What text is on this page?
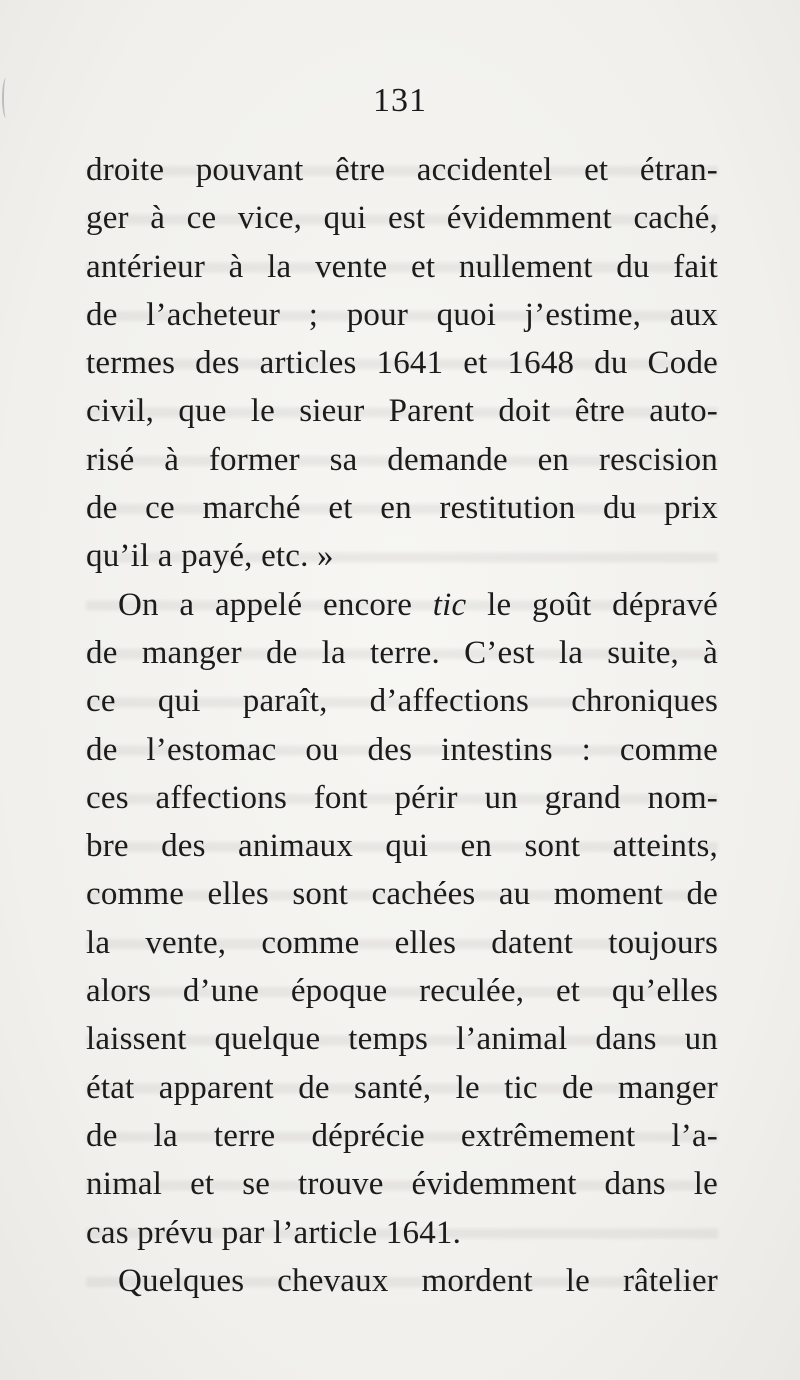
131
droite pouvant être accidentel et étran-
ger à ce vice, qui est évidemment caché,
antérieur à la vente et nullement du fait
de l’acheteur ; pour quoi j’estime, aux
termes des articles 1641 et 1648 du Code
civil, que le sieur Parent doit être auto-
risé à former sa demande en rescision
de ce marché et en restitution du prix
qu’il a payé, etc. »
On a appelé encore tic le goût dépravé
de manger de la terre. C’est la suite, à
ce qui paraît, d’affections chroniques
de l’estomac ou des intestins : comme
ces affections font périr un grand nom-
bre des animaux qui en sont atteints,
comme elles sont cachées au moment de
la vente, comme elles datent toujours
alors d’une époque reculée, et qu’elles
laissent quelque temps l’animal dans un
état apparent de santé, le tic de manger
de la terre déprécie extrêmement l’a-
nimal et se trouve évidemment dans le
cas prévu par l’article 1641.
Quelques chevaux mordent le râtelier
